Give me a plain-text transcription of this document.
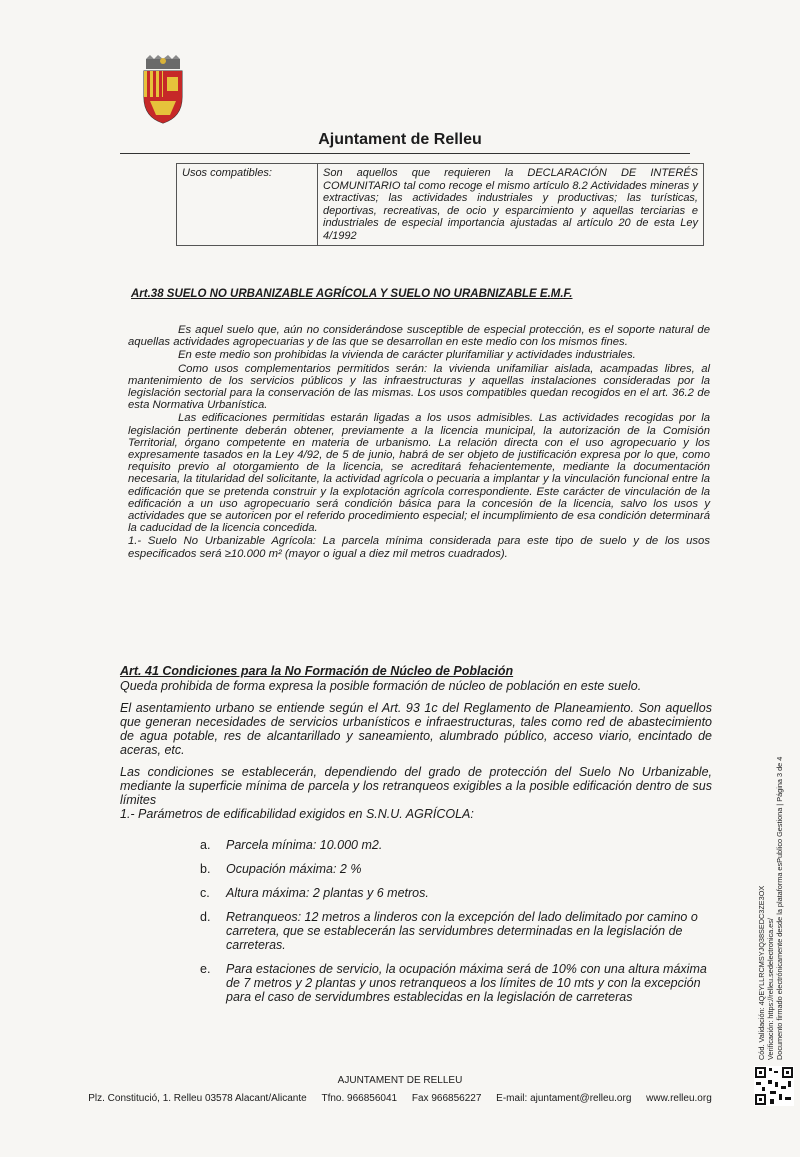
Ajuntament de Relleu
Usos compatibles:	Son aquellos que requieren la DECLARACIÓN DE INTERÉS COMUNITARIO tal como recoge el mismo artículo 8.2 Actividades mineras y extractivas; las actividades industriales y productivas; las turísticas, deportivas, recreativas, de ocio y esparcimiento y aquellas terciarias e industriales de especial importancia ajustadas al artículo 20 de esta Ley 4/1992
Art.38 SUELO NO URBANIZABLE AGRÍCOLA Y SUELO NO URABNIZABLE E.M.F.

Es aquel suelo que, aún no considerándose susceptible de especial protección, es el soporte natural de aquellas actividades agropecuarias y de las que se desarrollan en este medio con los mismos fines.

En este medio son prohibidas la vivienda de carácter plurifamiliar y actividades industriales.

Como usos complementarios permitidos serán: la vivienda unifamiliar aislada, acampadas libres, al mantenimiento de los servicios públicos y las infraestructuras y aquellas instalaciones consideradas por la legislación sectorial para la conservación de las mismas. Los usos compatibles quedan recogidos en el art. 36.2 de esta Normativa Urbanística.

Las edificaciones permitidas estarán ligadas a los usos admisibles. Las actividades recogidas por la legislación pertinente deberán obtener, previamente a la licencia municipal, la autorización de la Comisión Territorial, órgano competente en materia de urbanismo. La relación directa con el uso agropecuario y los expresamente tasados en la Ley 4/92, de 5 de junio, habrá de ser objeto de justificación expresa por lo que, como requisito previo al otorgamiento de la licencia, se acreditará fehacientemente, mediante la documentación necesaria, la titularidad del solicitante, la actividad agrícola o pecuaria a implantar y la vinculación funcional entre la edificación que se pretenda construir y la explotación agrícola correspondiente. Este carácter de vinculación de la edificación a un uso agropecuario será condición básica para la concesión de la licencia, salvo los usos y actividades que se autoricen por el referido procedimiento especial; el incumplimiento de esa condición determinará la caducidad de la licencia concedida.

1.- Suelo No Urbanizable Agrícola: La parcela mínima considerada para este tipo de suelo y de los usos especificados será ≥10.000 m² (mayor o igual a diez mil metros cuadrados).

Art. 41 Condiciones para la No Formación de Núcleo de Población

Queda prohibida de forma expresa la posible formación de núcleo de población en este suelo.

El asentamiento urbano se entiende según el Art. 93 1c del Reglamento de Planeamiento. Son aquellos que generan necesidades de servicios urbanísticos e infraestructuras, tales como red de abastecimiento de agua potable, res de alcantarillado y saneamiento, alumbrado público, acceso viario, encintado de aceras, etc.

Las condiciones se establecerán, dependiendo del grado de protección del Suelo No Urbanizable, mediante la superficie mínima de parcela y los retranqueos exigibles a la posible edificación dentro de sus límites

1.- Parámetros de edificabilidad exigidos en S.N.U. AGRÍCOLA:

a. Parcela mínima: 10.000 m2.
b. Ocupación máxima: 2 %
c. Altura máxima: 2 plantas y 6 metros.
d. Retranqueos: 12 metros a linderos con la excepción del lado delimitado por camino o carretera, que se establecerán las servidumbres determinadas en la legislación de carreteras.
e. Para estaciones de servicio, la ocupación máxima será de 10% con una altura máxima de 7 metros y 2 plantas y unos retranqueos a los límites de 10 mts y con la excepción para el caso de servidumbres establecidas en la legislación de carreteras
AJUNTAMENT DE RELLEU
Plz. Constitució, 1. Relleu 03578 Alacant/Alicante Tfno. 966856041 Fax 966856227 E-mail: ajuntament@relleu.org www.relleu.org
Cód. Validación: 4QEYLLRCMSYJQ38SEDC3ZE3OX Verificación: https://relleu.sedelectronica.es/ Documento firmado electrónicamente desde la plataforma esPublico Gestiona | Página 3 de 4
